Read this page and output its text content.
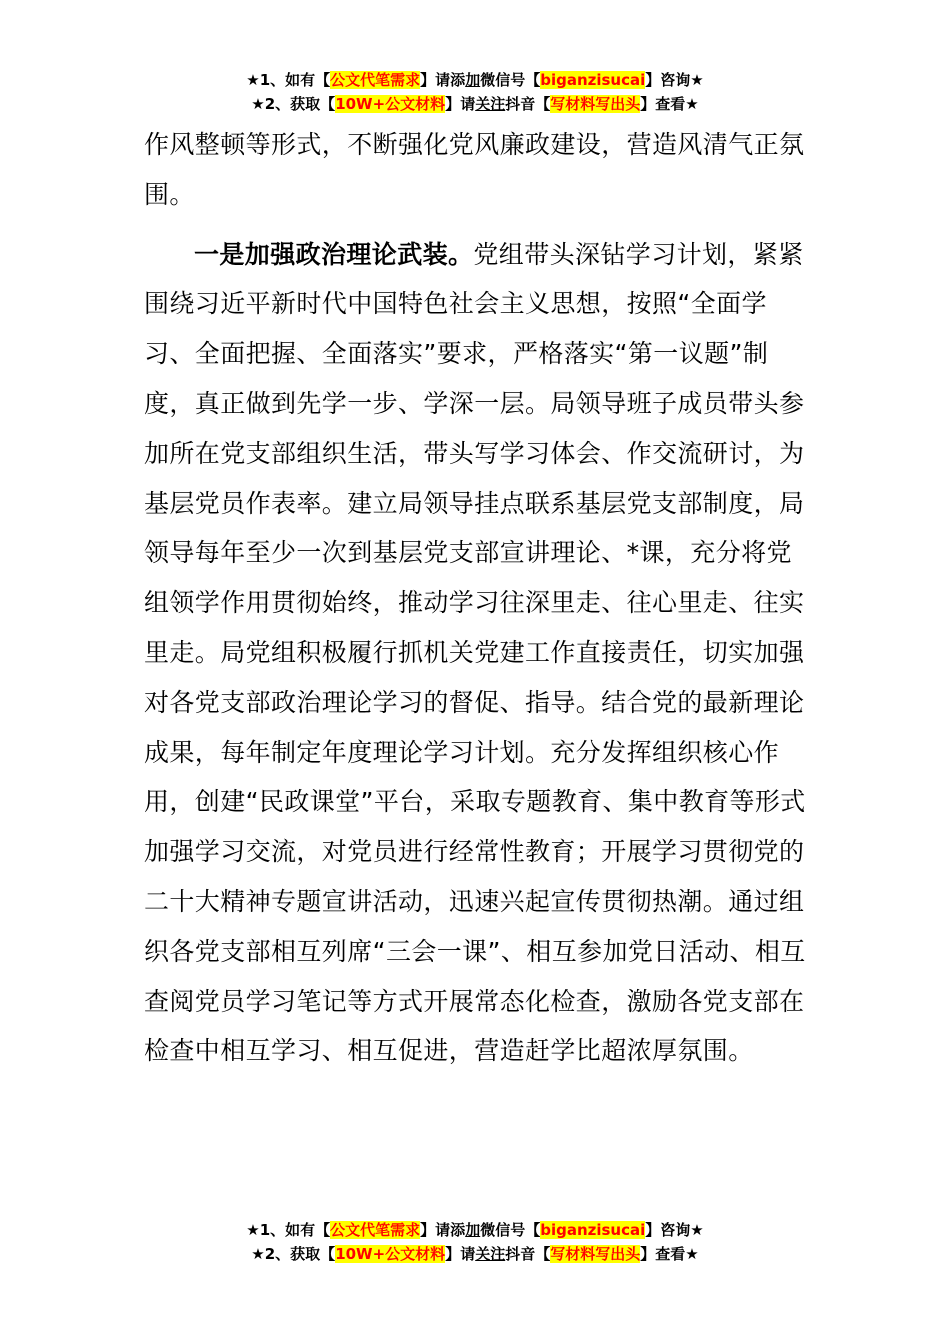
★1、如有【公文代笔需求】请添加微信号【biganzisucai】咨询★
★2、获取【10W+公文材料】请关注抖音【写材料写出头】查看★

作风整顿等形式，不断强化党风廉政建设，营造风清气正氛围。

一是加强政治理论武装。党组带头深钻学习计划，紧紧围绕习近平新时代中国特色社会主义思想，按照“全面学习、全面把握、全面落实”要求，严格落实“第一议题”制度，真正做到先学一步、学深一层。局领导班子成员带头参加所在党支部组织生活，带头写学习体会、作交流研讨，为基层党员作表率。建立局领导挂点联系基层党支部制度，局领导每年至少一次到基层党支部宣讲理论、*课，充分将党组领学作用贯彻始终，推动学习往深里走、往心里走、往实里走。局党组积极履行抓机关党建工作直接责任，切实加强对各党支部政治理论学习的督促、指导。结合党的最新理论成果，每年制定年度理论学习计划。充分发挥组织核心作用，创建“民政课堂”平台，采取专题教育、集中教育等形式加强学习交流，对党员进行经常性教育；开展学习贯彻党的二十大精神专题宣讲活动，迅速兴起宣传贯彻热潮。通过组织各党支部相互列席“三会一课”、相互参加党日活动、相互查阅党员学习笔记等方式开展常态化检查，激励各党支部在检查中相互学习、相互促进，营造赶学比超浓厚氛围。

★1、如有【公文代笔需求】请添加微信号【biganzisucai】咨询★
★2、获取【10W+公文材料】请关注抖音【写材料写出头】查看★
